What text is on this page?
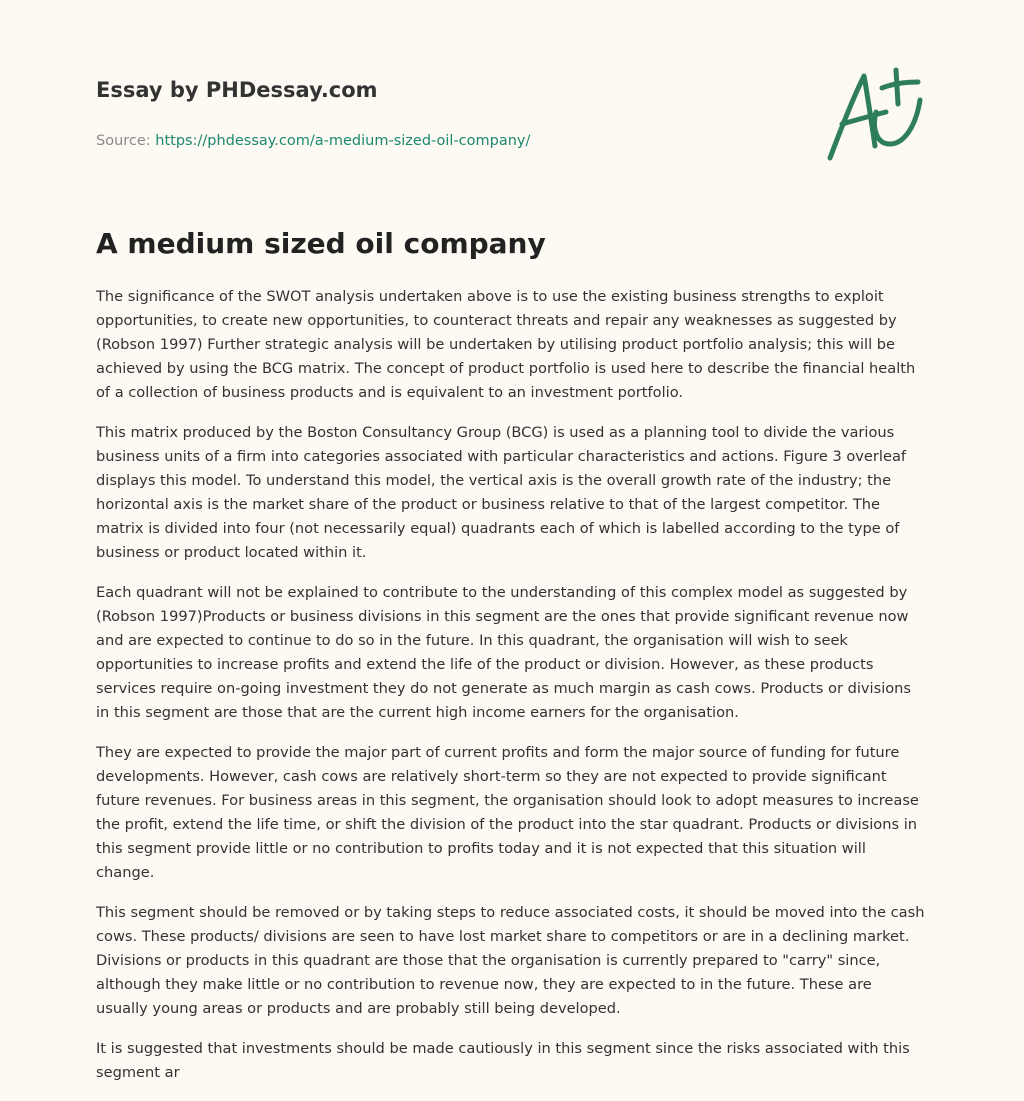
Essay by PHDessay.com
Source: https://phdessay.com/a-medium-sized-oil-company/
A medium sized oil company

The significance of the SWOT analysis undertaken above is to use the existing business strengths to exploit opportunities, to create new opportunities, to counteract threats and repair any weaknesses as suggested by (Robson 1997) Further strategic analysis will be undertaken by utilising product portfolio analysis; this will be achieved by using the BCG matrix. The concept of product portfolio is used here to describe the financial health of a collection of business products and is equivalent to an investment portfolio.

This matrix produced by the Boston Consultancy Group (BCG) is used as a planning tool to divide the various business units of a firm into categories associated with particular characteristics and actions. Figure 3 overleaf displays this model. To understand this model, the vertical axis is the overall growth rate of the industry; the horizontal axis is the market share of the product or business relative to that of the largest competitor. The matrix is divided into four (not necessarily equal) quadrants each of which is labelled according to the type of business or product located within it.

Each quadrant will not be explained to contribute to the understanding of this complex model as suggested by (Robson 1997)Products or business divisions in this segment are the ones that provide significant revenue now and are expected to continue to do so in the future. In this quadrant, the organisation will wish to seek opportunities to increase profits and extend the life of the product or division. However, as these products services require on-going investment they do not generate as much margin as cash cows. Products or divisions in this segment are those that are the current high income earners for the organisation.

They are expected to provide the major part of current profits and form the major source of funding for future developments. However, cash cows are relatively short-term so they are not expected to provide significant future revenues. For business areas in this segment, the organisation should look to adopt measures to increase the profit, extend the life time, or shift the division of the product into the star quadrant. Products or divisions in this segment provide little or no contribution to profits today and it is not expected that this situation will change.

This segment should be removed or by taking steps to reduce associated costs, it should be moved into the cash cows. These products/ divisions are seen to have lost market share to competitors or are in a declining market. Divisions or products in this quadrant are those that the organisation is currently prepared to "carry" since, although they make little or no contribution to revenue now, they are expected to in the future. These are usually young areas or products and are probably still being developed.

It is suggested that investments should be made cautiously in this segment since the risks associated with this segment ar
